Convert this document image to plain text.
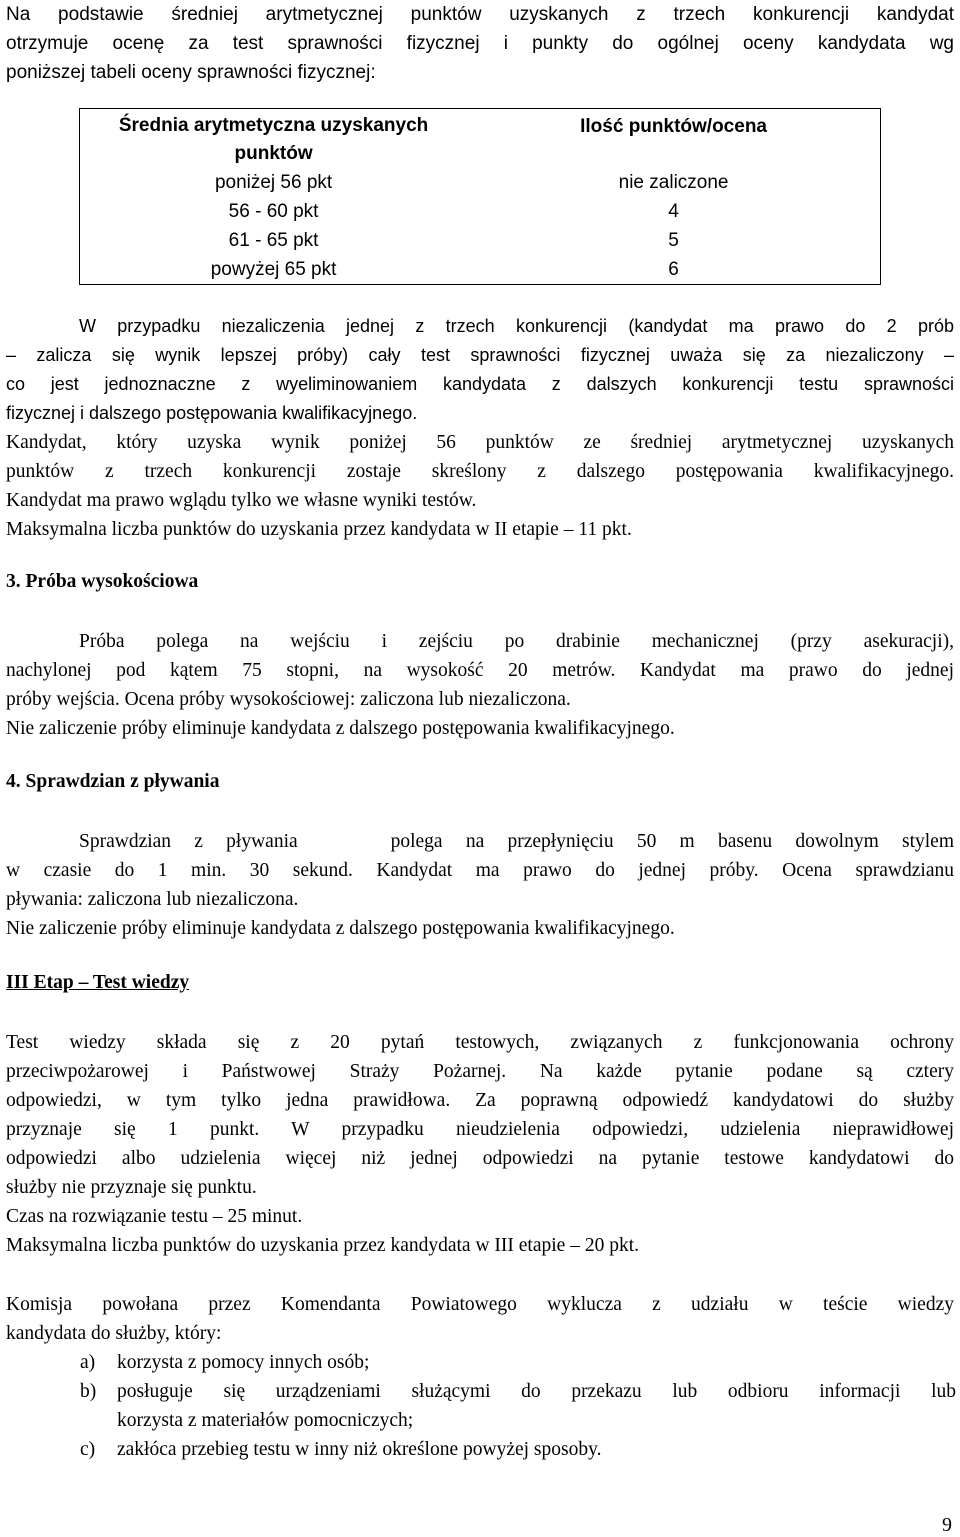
Na podstawie średniej arytmetycznej punktów uzyskanych z trzech konkurencji kandydat

otrzymuje ocenę za test sprawności fizycznej i punkty do ogólnej oceny kandydata wg

poniższej tabeli oceny sprawności fizycznej:

Średnia arytmetyczna uzyskanych punktów	Ilość punktów/ocena
poniżej 56 pkt	nie zaliczone
56 - 60 pkt	4
61 - 65 pkt	5
powyżej 65 pkt	6

W przypadku niezaliczenia jednej z trzech konkurencji (kandydat ma prawo do 2 prób

– zalicza się wynik lepszej próby) cały test sprawności fizycznej uważa się za niezaliczony –

co jest jednoznaczne z wyeliminowaniem kandydata z dalszych konkurencji testu sprawności

fizycznej i dalszego postępowania kwalifikacyjnego.

Kandydat, który uzyska wynik poniżej 56 punktów ze średniej arytmetycznej uzyskanych

punktów z trzech konkurencji zostaje skreślony z dalszego postępowania kwalifikacyjnego.

Kandydat ma prawo wglądu tylko we własne wyniki testów.

Maksymalna liczba punktów do uzyskania przez kandydata w II etapie – 11 pkt.

3. Próba wysokościowa

Próba polega na wejściu i zejściu po drabinie mechanicznej (przy asekuracji),

nachylonej pod kątem 75 stopni, na wysokość 20 metrów. Kandydat ma prawo do jednej

próby wejścia. Ocena próby wysokościowej: zaliczona lub niezaliczona.

Nie zaliczenie próby eliminuje kandydata z dalszego postępowania kwalifikacyjnego.

4. Sprawdzian z pływania

Sprawdzian z pływania    polega na przepłynięciu 50 m basenu dowolnym stylem

w czasie do 1 min. 30 sekund. Kandydat ma prawo do jednej próby. Ocena sprawdzianu

pływania: zaliczona lub niezaliczona.

Nie zaliczenie próby eliminuje kandydata z dalszego postępowania kwalifikacyjnego.

III Etap – Test wiedzy

Test wiedzy składa się z 20 pytań testowych, związanych z funkcjonowania ochrony

przeciwpożarowej i Państwowej Straży Pożarnej. Na każde pytanie podane są cztery

odpowiedzi, w tym tylko jedna prawidłowa. Za poprawną odpowiedź kandydatowi do służby

przyznaje się 1 punkt. W przypadku nieudzielenia odpowiedzi, udzielenia nieprawidłowej

odpowiedzi albo udzielenia więcej niż jednej odpowiedzi na pytanie testowe kandydatowi do

służby nie przyznaje się punktu.

Czas na rozwiązanie testu – 25 minut.

Maksymalna liczba punktów do uzyskania przez kandydata w III etapie – 20 pkt.

Komisja powołana przez Komendanta Powiatowego wyklucza z udziału w teście wiedzy

kandydata do służby, który:

a) korzysta z pomocy innych osób;
b) posługuje się urządzeniami służącymi do przekazu lub odbioru informacji lub

korzysta z materiałów pomocniczych;

c) zakłóca przebieg testu w inny niż określone powyżej sposoby.
9
